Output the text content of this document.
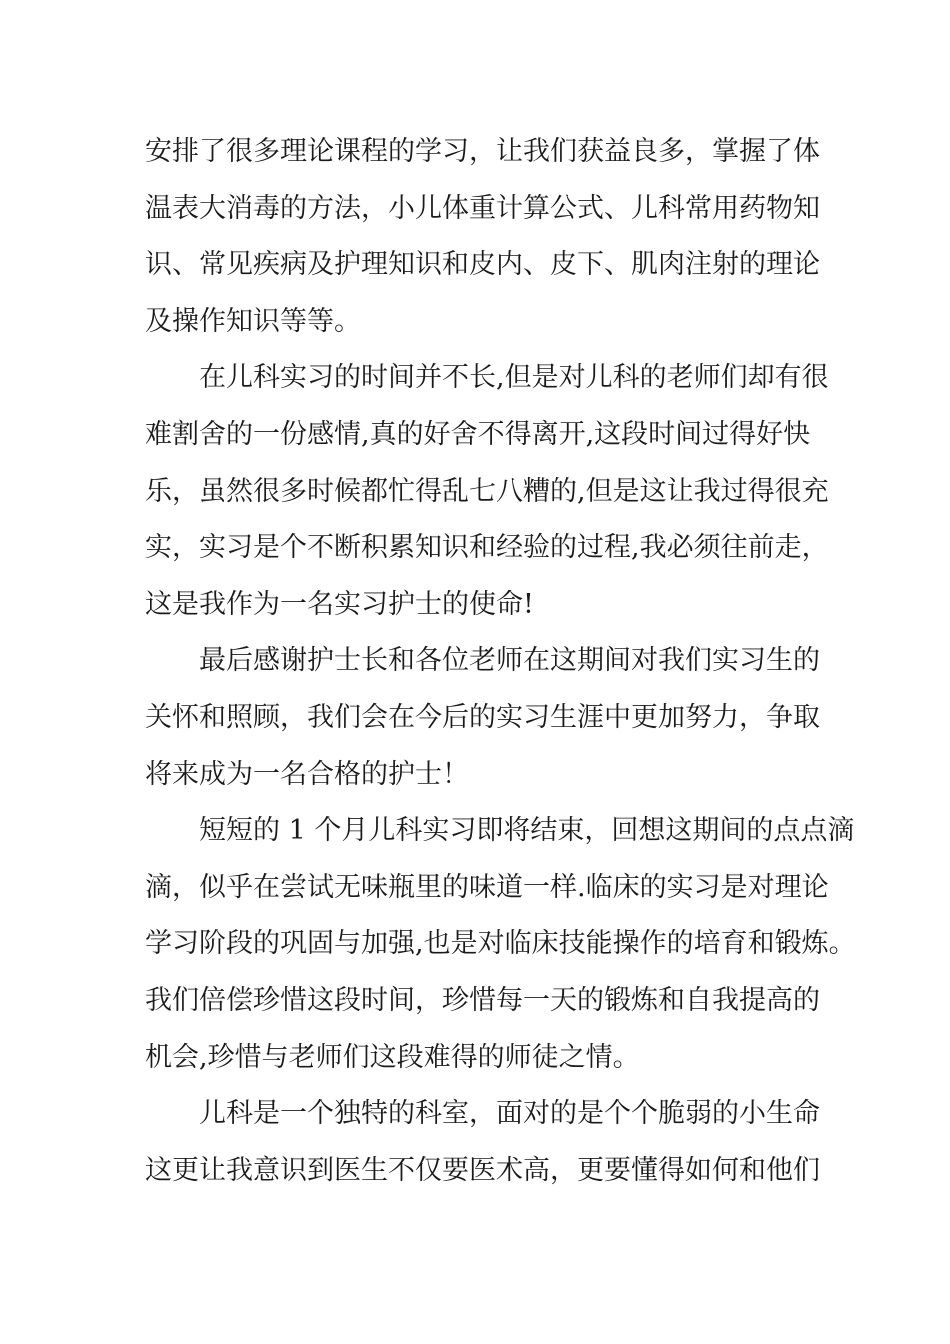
安排了很多理论课程的学习，让我们获益良多，掌握了体
温表大消毒的方法，小儿体重计算公式、儿科常用药物知
识、常见疾病及护理知识和皮内、皮下、肌肉注射的理论
及操作知识等等。
在儿科实习的时间并不长,但是对儿科的老师们却有很
难割舍的一份感情,真的好舍不得离开,这段时间过得好快
乐，虽然很多时候都忙得乱七八糟的,但是这让我过得很充
实，实习是个不断积累知识和经验的过程,我必须往前走，
这是我作为一名实习护士的使命!
最后感谢护士长和各位老师在这期间对我们实习生的
关怀和照顾，我们会在今后的实习生涯中更加努力，争取
将来成为一名合格的护士！
短短的 1 个月儿科实习即将结束，回想这期间的点点滴
滴，似乎在尝试无味瓶里的味道一样.临床的实习是对理论
学习阶段的巩固与加强,也是对临床技能操作的培育和锻炼。
我们倍偿珍惜这段时间，珍惜每一天的锻炼和自我提高的
机会,珍惜与老师们这段难得的师徒之情。
儿科是一个独特的科室，面对的是个个脆弱的小生命
这更让我意识到医生不仅要医术高，更要懂得如何和他们
